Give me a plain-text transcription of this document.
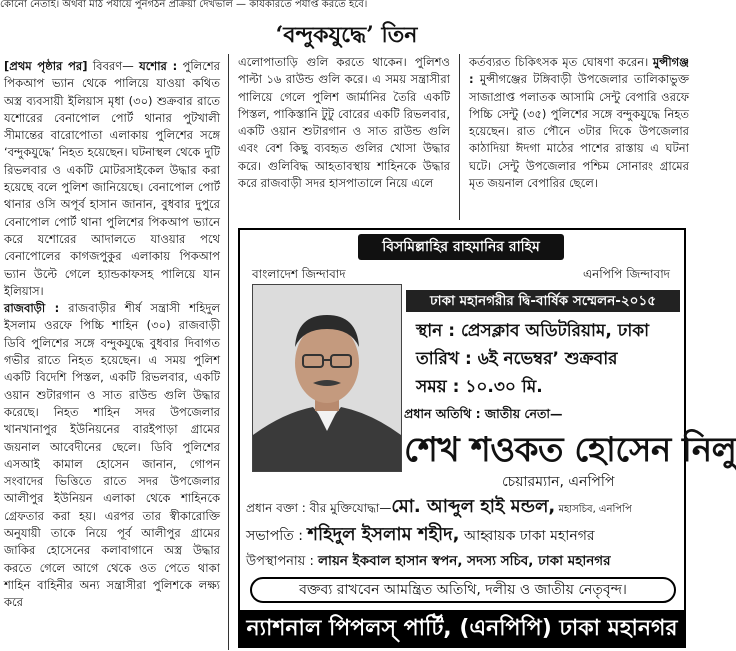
কোনো নেতাই। অথবা মাঠ পর্যায়ে পুনর্গঠন প্রক্রিয়া দেখভাল — কার্যকরিতে পর্যাপ্ত করতে হবে।
‘বন্দুকযুদ্ধে’ তিন

[প্রথম পৃষ্ঠার পর] বিবরণ— যশোর : পুলিশের পিকআপ ভ্যান থেকে পালিয়ে যাওয়া কথিত অস্ত্র ব্যবসায়ী ইলিয়াস মৃধা (৩০) শুক্রবার রাতে যশোরের বেনাপোল পোর্ট থানার পুটখালী সীমান্তের বারোপোতা এলাকায় পুলিশের সঙ্গে ‘বন্দুকযুদ্ধে’ নিহত হয়েছেন। ঘটনাস্থল থেকে দুটি রিভলবার ও একটি মোটরসাইকেল উদ্ধার করা হয়েছে বলে পুলিশ জানিয়েছে। বেনাপোল পোর্ট থানার ওসি অপূর্ব হাসান জানান, বুধবার দুপুরে বেনাপোল পোর্ট থানা পুলিশের পিকআপ ভ্যানে করে যশোরের আদালতে যাওয়ার পথে বেনাপোলের কাগজপুকুর এলাকায় পিকআপ ভ্যান উল্টে গেলে হ্যান্ডকাফসহ পালিয়ে যান ইলিয়াস।

রাজবাড়ী : রাজবাড়ীর শীর্ষ সন্ত্রাসী শহিদুল ইসলাম ওরফে পিচ্চি শাহিন (৩০) রাজবাড়ী ডিবি পুলিশের সঙ্গে বন্দুকযুদ্ধে বুধবার দিবাগত গভীর রাতে নিহত হয়েছেন। এ সময় পুলিশ একটি বিদেশি পিস্তল, একটি রিভলবার, একটি ওয়ান শুটারগান ও সাত রাউন্ড গুলি উদ্ধার করেছে। নিহত শাহিন সদর উপজেলার খানখানাপুর ইউনিয়নের বারইপাড়া গ্রামের জয়নাল আবেদীনের ছেলে। ডিবি পুলিশের এসআই কামাল হোসেন জানান, গোপন সংবাদের ভিত্তিতে রাতে সদর উপজেলার আলীপুর ইউনিয়ন এলাকা থেকে শাহিনকে গ্রেফতার করা হয়। এরপর তার স্বীকারোক্তি অনুযায়ী তাকে নিয়ে পূর্ব আলীপুর গ্রামের জাকির হোসেনের কলাবাগানে অস্ত্র উদ্ধার করতে গেলে আগে থেকে ওত পেতে থাকা শাহিন বাহিনীর অন্য সন্ত্রাসীরা পুলিশকে লক্ষ্য করে

এলোপাতাড়ি গুলি করতে থাকেন। পুলিশও পাল্টা ১৬ রাউন্ড গুলি করে। এ সময় সন্ত্রাসীরা পালিয়ে গেলে পুলিশ জার্মানির তৈরি একটি পিস্তল, পাকিস্তানি টুটু বোরের একটি রিভলবার, একটি ওয়ান শুটারগান ও সাত রাউন্ড গুলি এবং বেশ কিছু ব্যবহৃত গুলির খোসা উদ্ধার করে। গুলিবিদ্ধ আহতাবস্থায় শাহিনকে উদ্ধার করে রাজবাড়ী সদর হাসপাতালে নিয়ে এলে

কর্তব্যরত চিকিৎসক মৃত ঘোষণা করেন। মুন্সীগঞ্জ : মুন্সীগঞ্জের টঙ্গিবাড়ী উপজেলার তালিকাভুক্ত সাজাপ্রাপ্ত পলাতক আসামি সেন্টু বেপারি ওরফে পিচ্চি সেন্টু (৩৫) পুলিশের সঙ্গে বন্দুকযুদ্ধে নিহত হয়েছেন। রাত পৌনে ৩টার দিকে উপজেলার কাঠাদিয়া ঈদগা মাঠের পাশের রাস্তায় এ ঘটনা ঘটে। সেন্টু উপজেলার পশ্চিম সোনারং গ্রামের মৃত জয়নাল বেপারির ছেলে।

বিসমিল্লাহির রাহমানির রাহিম
বাংলাদেশ জিন্দাবাদ	এনপিপি জিন্দাবাদ
ঢাকা মহানগরীর দ্বি-বার্ষিক সম্মেলন-২০১৫
স্থান : প্রেসক্লাব অডিটরিয়াম, ঢাকা
তারিখ : ৬ই নভেম্বর’ শুক্রবার
সময় : ১০.৩০ মি.
প্রধান অতিথি : জাতীয় নেতা—
শেখ শওকত হোসেন নিলু
চেয়ারম্যান, এনপিপি
প্রধান বক্তা : বীর মুক্তিযোদ্ধা—মো. আব্দুল হাই মন্ডল, মহাসচিব, এনপিপি
সভাপতি : শহিদুল ইসলাম শহীদ, আহ্বায়ক ঢাকা মহানগর
উপস্থাপনায় : লায়ন ইকবাল হাসান স্বপন, সদস্য সচিব, ঢাকা মহানগর
বক্তব্য রাখবেন আমন্ত্রিত অতিথি, দলীয় ও জাতীয় নেতৃবৃন্দ।
ন্যাশনাল পিপলস্ পার্টি, (এনপিপি) ঢাকা মহানগর
